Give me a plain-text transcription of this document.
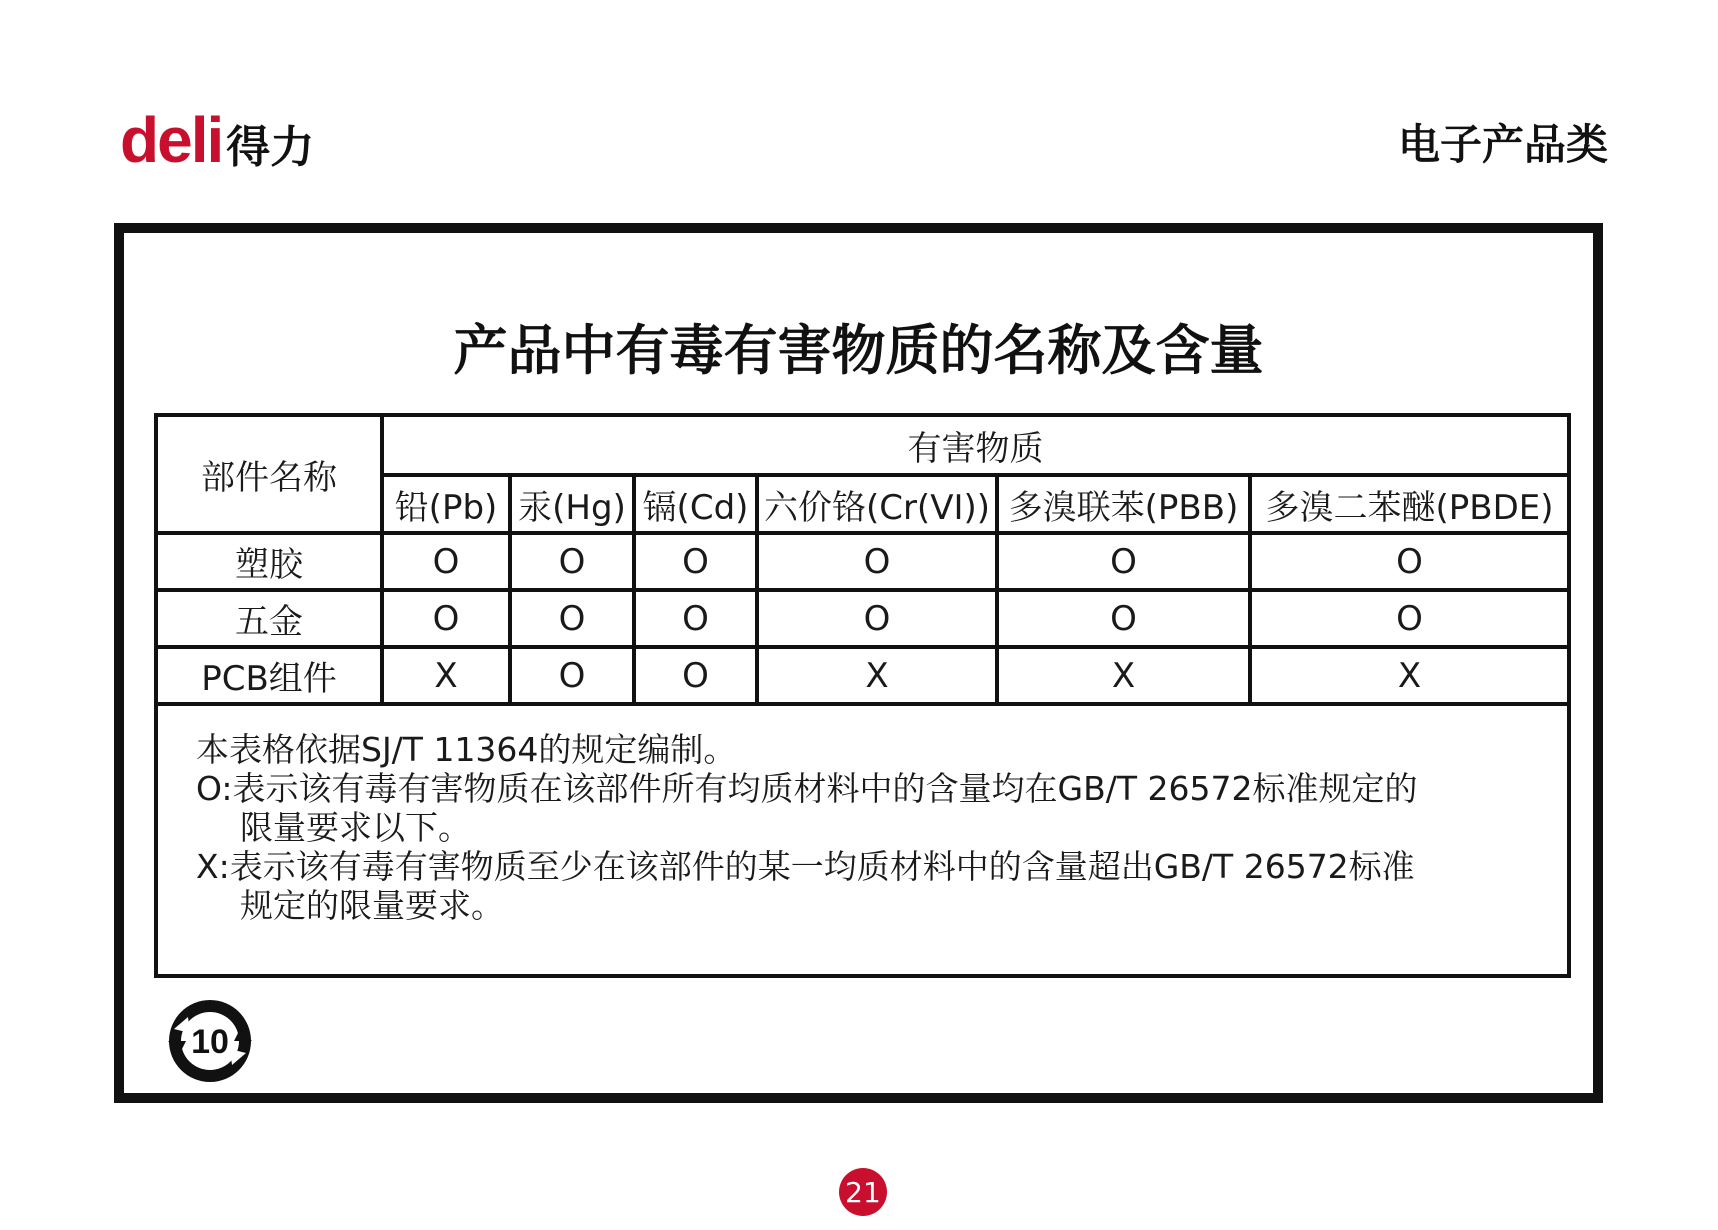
deli 得力	电子产品类
产品中有毒有害物质的名称及含量
部件名称	有害物质					
	铅(Pb)	汞(Hg)	镉(Cd)	六价铬(Cr(VI))	多溴联苯(PBB)	多溴二苯醚(PBDE)
塑胶	O	O	O	O	O	O
五金	O	O	O	O	O	O
PCB组件	X	O	O	X	X	X

本表格依据SJ/T 11364的规定编制。
O:表示该有毒有害物质在该部件所有均质材料中的含量均在GB/T 26572标准规定的
限量要求以下。
X:表示该有毒有害物质至少在该部件的某一均质材料中的含量超出GB/T 26572标准
规定的限量要求。						
10
21
